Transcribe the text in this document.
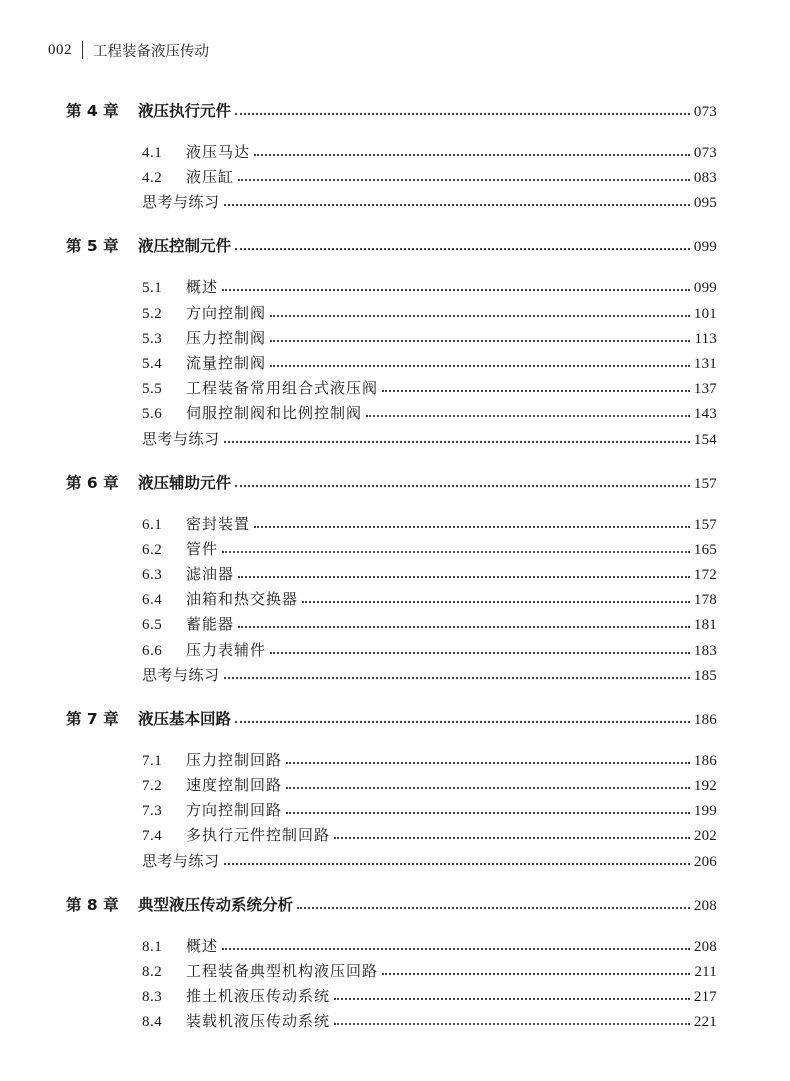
002 工程装备液压传动
第 4 章	液压执行元件	073
4.1	液压马达	073
4.2	液压缸	083
思考与练习	095
第 5 章	液压控制元件	099
5.1	概述	099
5.2	方向控制阀	101
5.3	压力控制阀	113
5.4	流量控制阀	131
5.5	工程装备常用组合式液压阀	137
5.6	伺服控制阀和比例控制阀	143
思考与练习	154
第 6 章	液压辅助元件	157
6.1	密封装置	157
6.2	管件	165
6.3	滤油器	172
6.4	油箱和热交换器	178
6.5	蓄能器	181
6.6	压力表辅件	183
思考与练习	185
第 7 章	液压基本回路	186
7.1	压力控制回路	186
7.2	速度控制回路	192
7.3	方向控制回路	199
7.4	多执行元件控制回路	202
思考与练习	206
第 8 章	典型液压传动系统分析	208
8.1	概述	208
8.2	工程装备典型机构液压回路	211
8.3	推土机液压传动系统	217
8.4	装载机液压传动系统	221
